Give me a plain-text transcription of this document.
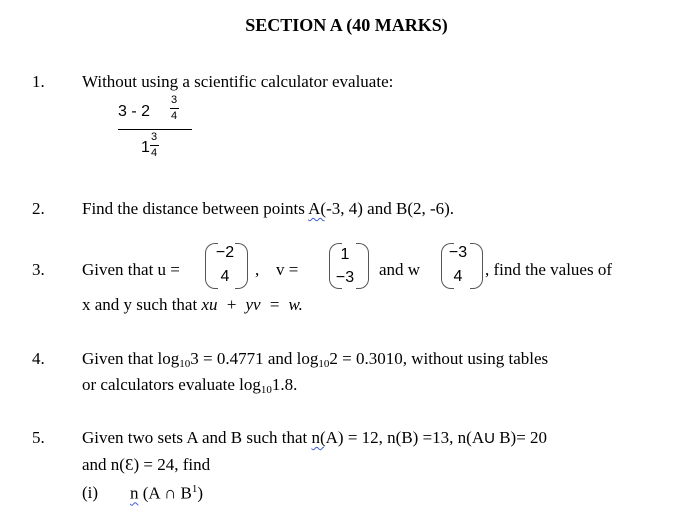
SECTION A (40 MARKS)
1. Without using a scientific calculator evaluate:
3 - 2
3
4
1
3
4
2. Find the distance between points A(-3, 4) and B(2, -6).
3. Given that u =
−2
4	, v =
1
−3 and w
−3
4	, find the values of
x and y such that xu + yv = w.
4. Given that $\log_{10}3 = 0.4771$ and $\log_{10}2 = 0.3010$, without using tables
or calculators evaluate $\log_{10}1.8$.
5. Given two sets A and B such that n(A) = 12, n(B) =13, n(AU B)= 20
and n(Ɛ) = 24, find
(i) n (A ∩ $B^1$)
